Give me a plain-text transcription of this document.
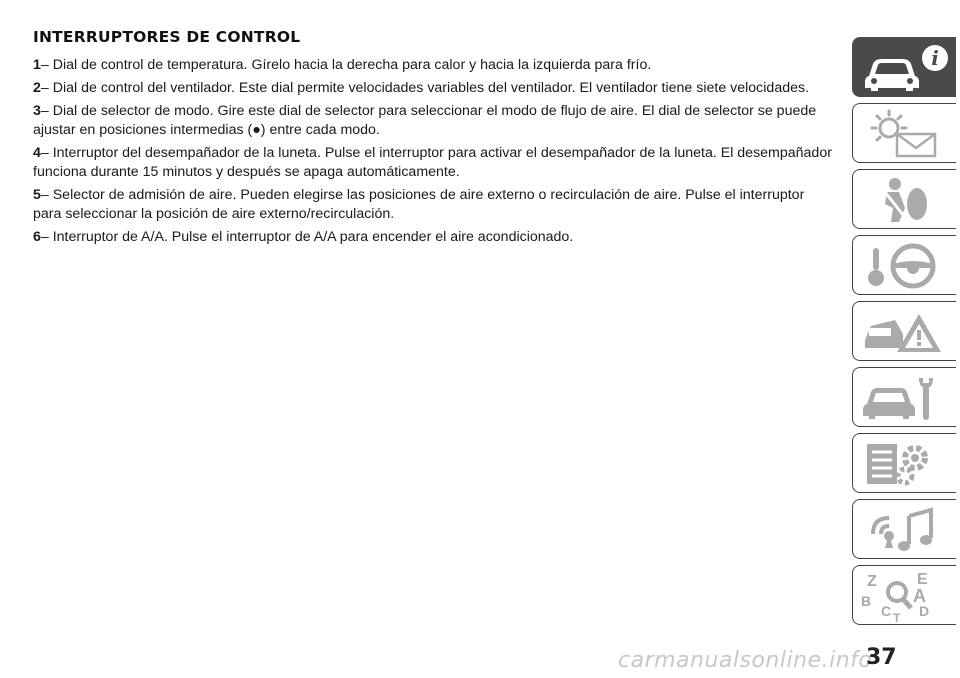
INTERRUPTORES DE CONTROL

1– Dial de control de temperatura. Gírelo hacia la derecha para calor y hacia la izquierda para frío.

2– Dial de control del ventilador. Este dial permite velocidades variables del ventilador. El ventilador tiene siete velocidades.

3– Dial de selector de modo. Gire este dial de selector para seleccionar el modo de flujo de aire. El dial de selector se puede ajustar en posiciones intermedias (●) entre cada modo.

4– Interruptor del desempañador de la luneta. Pulse el interruptor para activar el desempañador de la luneta. El desempañador funciona durante 15 minutos y después se apaga automáticamente.

5– Selector de admisión de aire. Pueden elegirse las posiciones de aire externo o recirculación de aire. Pulse el interruptor para seleccionar la posición de aire externo/recirculación.

6– Interruptor de A/A. Pulse el interruptor de A/A para encender el aire acondicionado.

i
Z	E
B A
C D
T
carmanualsonline.info
37
